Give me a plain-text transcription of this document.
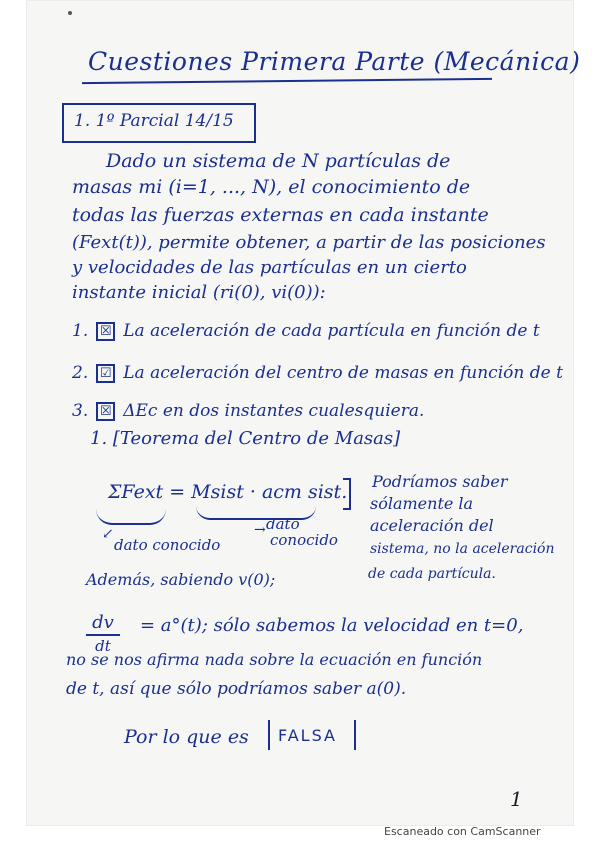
Cuestiones Primera Parte (Mecánica)
1. 1º Parcial 14/15
Dado un sistema de N partículas de
masas mi (i=1, ..., N), el conocimiento de
todas las fuerzas externas en cada instante
(Fext(t)), permite obtener, a partir de las posiciones
y velocidades de las partículas en un cierto
instante inicial (ri(0), vi(0)):
1. ☒ La aceleración de cada partícula en función de t
2. ☑ La aceleración del centro de masas en función de t
3. ☒ ΔEc en dos instantes cualesquiera.
1. [Teorema del Centro de Masas]
ΣFext = Msist · acm sist.
↙	→
dato conocido
dato
conocido
Podríamos saber
sólamente la
aceleración del
sistema, no la aceleración
de cada partícula.
Además, sabiendo v(0);
dv
dt
= a°(t); sólo sabemos la velocidad en t=0,
no se nos afirma nada sobre la ecuación en función
de t, así que sólo podríamos saber a(0).
Por lo que es FALSA
1
Escaneado con CamScanner
